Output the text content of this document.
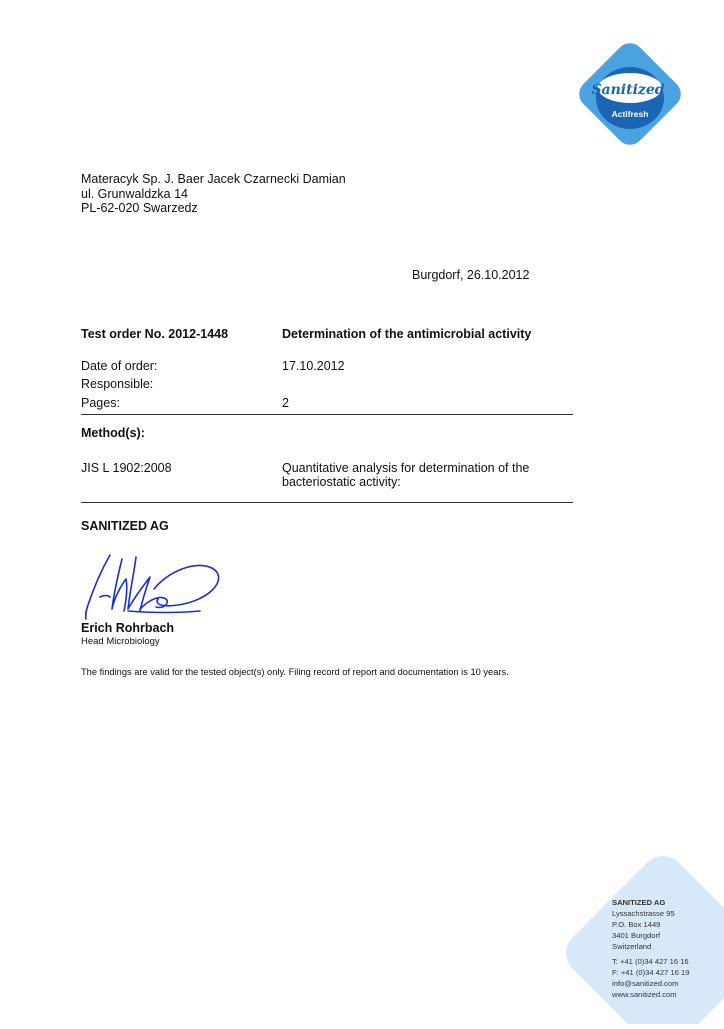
Sanitized
Actifresh
Materacyk Sp. J. Baer Jacek Czarnecki Damian
ul. Grunwaldzka 14
PL-62-020 Swarzedz
Burgdorf, 26.10.2012
Test order No. 2012-1448	Determination of the antimicrobial activity
Date of order:	17.10.2012
Responsible:
Pages:	2
Method(s):
JIS L 1902:2008	Quantitative analysis for determination of the
bacteriostatic activity:
SANITIZED AG
Erich Rohrbach
Head Microbiology
The findings are valid for the tested object(s) only. Filing record of report and documentation is 10 years.
SANITIZED AG
Lyssachstrasse 95
P.O. Box 1449
3401 Burgdorf
Switzerland
T: +41 (0)34 427 16 16
F: +41 (0)34 427 16 19
info@sanitized.com
www.sanitized.com
